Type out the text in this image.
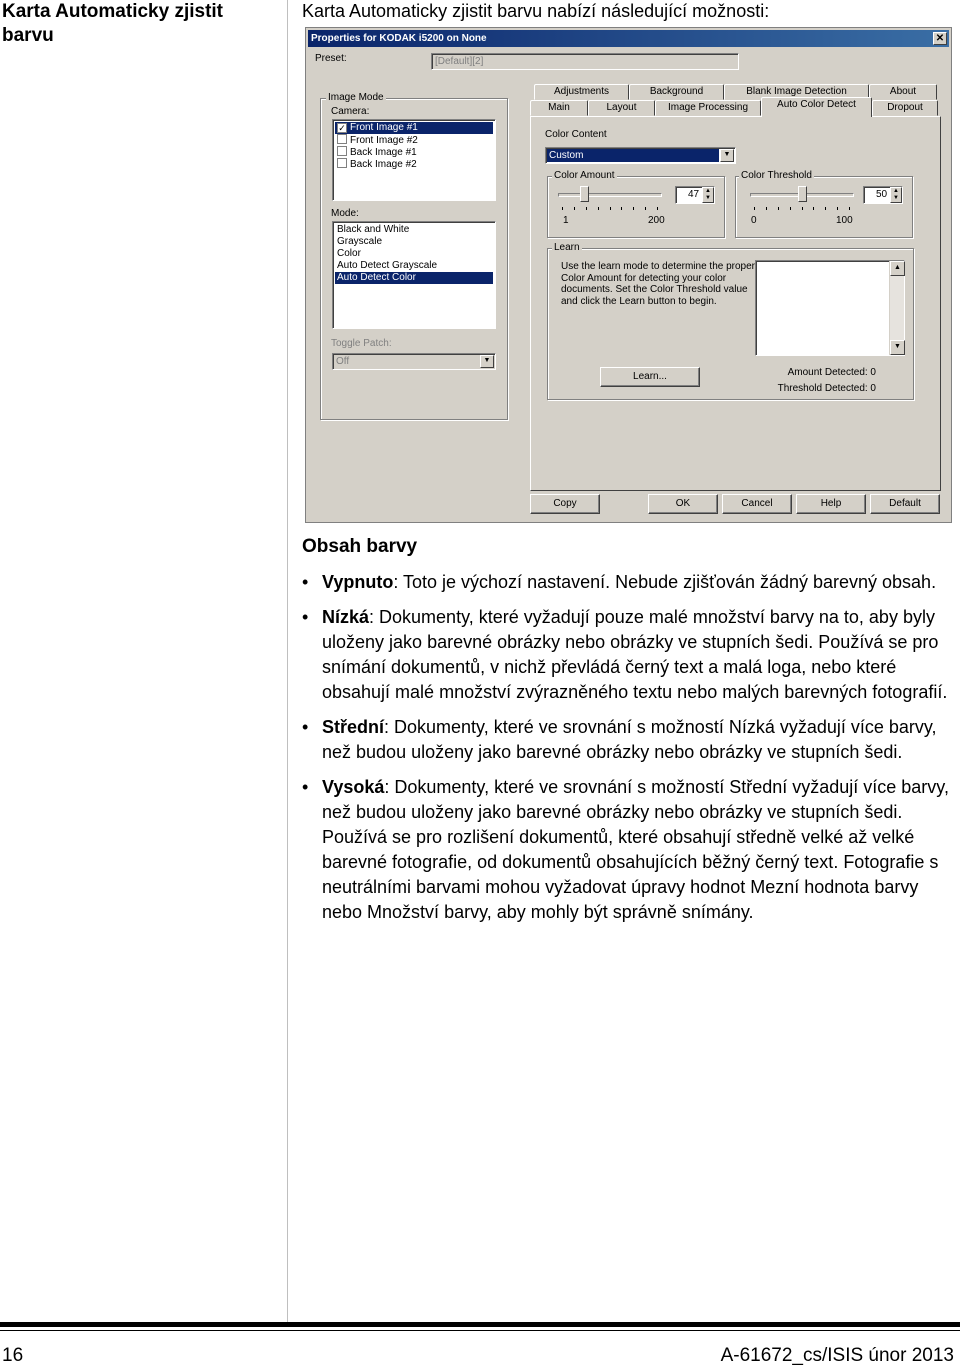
Karta Automaticky zjistit barvu
Karta Automaticky zjistit barvu nabízí následující možnosti:
Properties for KODAK i5200 on None	✕
Preset:	[Default][2]
Image Mode
Camera:
✓ Front Image #1
Front Image #2
Back Image #1
Back Image #2
Mode:
Black and White
Grayscale
Color
Auto Detect Grayscale
Auto Detect Color
Toggle Patch:
Off	▼
Adjustments	Background	Blank Image Detection	About
Main	Layout	Image Processing	Auto Color Detect	Dropout
Color Content
Custom	▼
Color Amount
47 ▲
▼
1	200
Color Threshold
50 ▲
▼
0	100
Learn
Use the learn mode to determine the proper Color Amount for detecting your color documents. Set the Color Threshold value and click the Learn button to begin.
▲
▼
Learn...	Amount Detected: 0
Threshold Detected: 0
Copy	OK	Cancel	Help	Default
Obsah barvy
• Vypnuto: Toto je výchozí nastavení. Nebude zjišťován žádný barevný obsah.
• Nízká: Dokumenty, které vyžadují pouze malé množství barvy na to, aby byly uloženy jako barevné obrázky nebo obrázky ve stupních šedi. Používá se pro snímání dokumentů, v nichž převládá černý text a malá loga, nebo které obsahují malé množství zvýrazněného textu nebo malých barevných fotografií.
• Střední: Dokumenty, které ve srovnání s možností Nízká vyžadují více barvy, než budou uloženy jako barevné obrázky nebo obrázky ve stupních šedi.
• Vysoká: Dokumenty, které ve srovnání s možností Střední vyžadují více barvy, než budou uloženy jako barevné obrázky nebo obrázky ve stupních šedi. Používá se pro rozlišení dokumentů, které obsahují středně velké až velké barevné fotografie, od dokumentů obsahujících běžný černý text. Fotografie s neutrálními barvami mohou vyžadovat úpravy hodnot Mezní hodnota barvy nebo Množství barvy, aby mohly být správně snímány.
16	A-61672_cs/ISIS únor 2013
